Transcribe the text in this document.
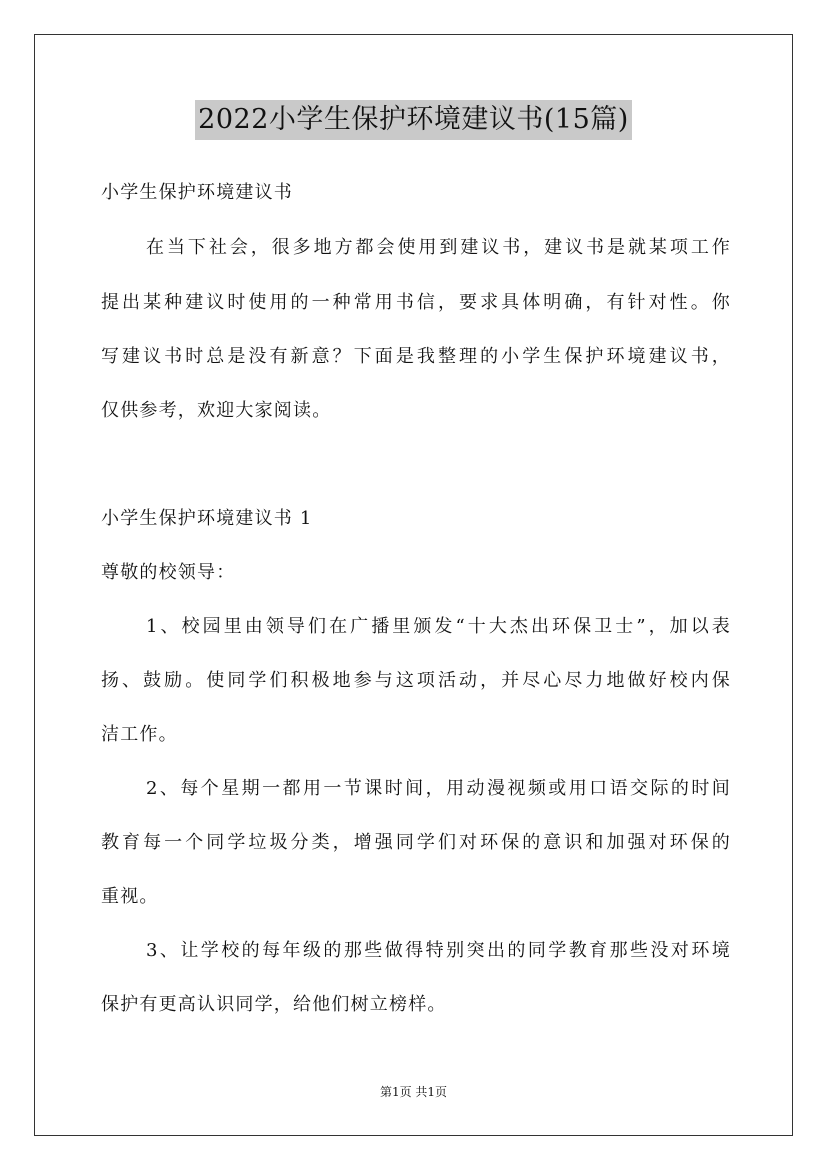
2022小学生保护环境建议书(15篇)
小学生保护环境建议书
在当下社会，很多地方都会使用到建议书，建议书是就某项工作
提出某种建议时使用的一种常用书信，要求具体明确，有针对性。你
写建议书时总是没有新意？下面是我整理的小学生保护环境建议书，
仅供参考，欢迎大家阅读。
小学生保护环境建议书 1
尊敬的校领导：
1、校园里由领导们在广播里颁发“十大杰出环保卫士”，加以表
扬、鼓励。使同学们积极地参与这项活动，并尽心尽力地做好校内保
洁工作。
2、每个星期一都用一节课时间，用动漫视频或用口语交际的时间
教育每一个同学垃圾分类，增强同学们对环保的意识和加强对环保的
重视。
3、让学校的每年级的那些做得特别突出的同学教育那些没对环境
保护有更高认识同学，给他们树立榜样。
第1页 共1页
